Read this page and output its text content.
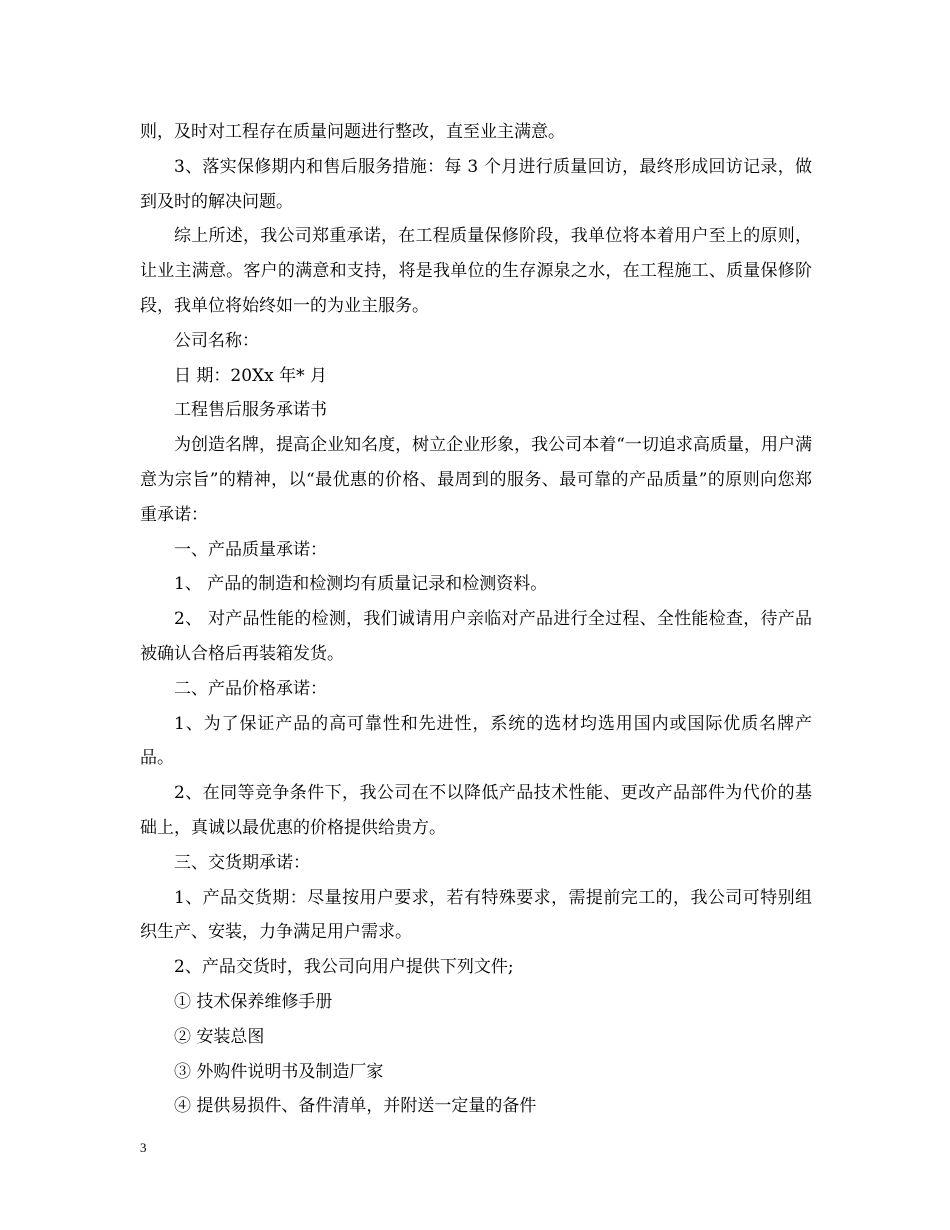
则，及时对工程存在质量问题进行整改，直至业主满意。

3、落实保修期内和售后服务措施：每 3 个月进行质量回访，最终形成回访记录，做到及时的解决问题。

综上所述，我公司郑重承诺，在工程质量保修阶段，我单位将本着用户至上的原则，让业主满意。客户的满意和支持，将是我单位的生存源泉之水，在工程施工、质量保修阶段，我单位将始终如一的为业主服务。

公司名称：

日 期：20Xx 年* 月

工程售后服务承诺书

为创造名牌，提高企业知名度，树立企业形象，我公司本着“一切追求高质量，用户满意为宗旨”的精神，以“最优惠的价格、最周到的服务、最可靠的产品质量”的原则向您郑重承诺：

一、产品质量承诺：

1、 产品的制造和检测均有质量记录和检测资料。

2、 对产品性能的检测，我们诚请用户亲临对产品进行全过程、全性能检查，待产品被确认合格后再装箱发货。

二、产品价格承诺：

1、为了保证产品的高可靠性和先进性，系统的选材均选用国内或国际优质名牌产品。

2、在同等竞争条件下，我公司在不以降低产品技术性能、更改产品部件为代价的基础上，真诚以最优惠的价格提供给贵方。

三、交货期承诺：

1、产品交货期：尽量按用户要求，若有特殊要求，需提前完工的，我公司可特别组织生产、安装，力争满足用户需求。

2、产品交货时，我公司向用户提供下列文件;

① 技术保养维修手册

② 安装总图

③ 外购件说明书及制造厂家

④ 提供易损件、备件清单，并附送一定量的备件

3
